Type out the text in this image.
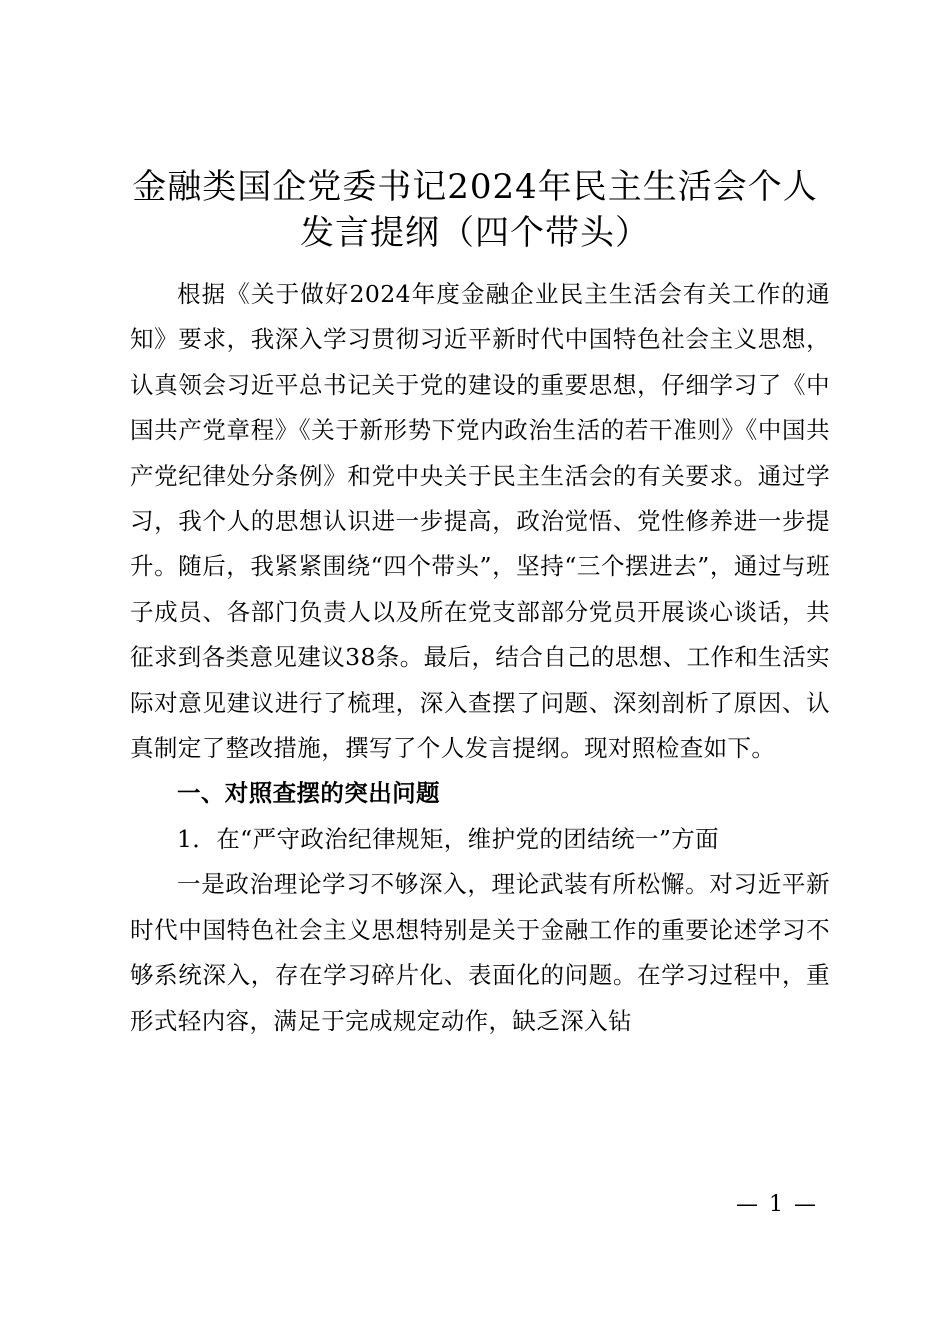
金融类国企党委书记2024年民主生活会个人
发言提纲（四个带头）

根据《关于做好2024年度金融企业民主生活会有关工作的通知》要求，我深入学习贯彻习近平新时代中国特色社会主义思想，认真领会习近平总书记关于党的建设的重要思想，仔细学习了《中国共产党章程》《关于新形势下党内政治生活的若干准则》《中国共产党纪律处分条例》和党中央关于民主生活会的有关要求。通过学习，我个人的思想认识进一步提高，政治觉悟、党性修养进一步提升。随后，我紧紧围绕“四个带头”，坚持“三个摆进去”，通过与班子成员、各部门负责人以及所在党支部部分党员开展谈心谈话，共征求到各类意见建议38条。最后，结合自己的思想、工作和生活实际对意见建议进行了梳理，深入查摆了问题、深刻剖析了原因、认真制定了整改措施，撰写了个人发言提纲。现对照检查如下。

一、对照查摆的突出问题

1．在“严守政治纪律规矩，维护党的团结统一”方面

一是政治理论学习不够深入，理论武装有所松懈。对习近平新时代中国特色社会主义思想特别是关于金融工作的重要论述学习不够系统深入，存在学习碎片化、表面化的问题。在学习过程中，重形式轻内容，满足于完成规定动作，缺乏深入钻

— 1 —
